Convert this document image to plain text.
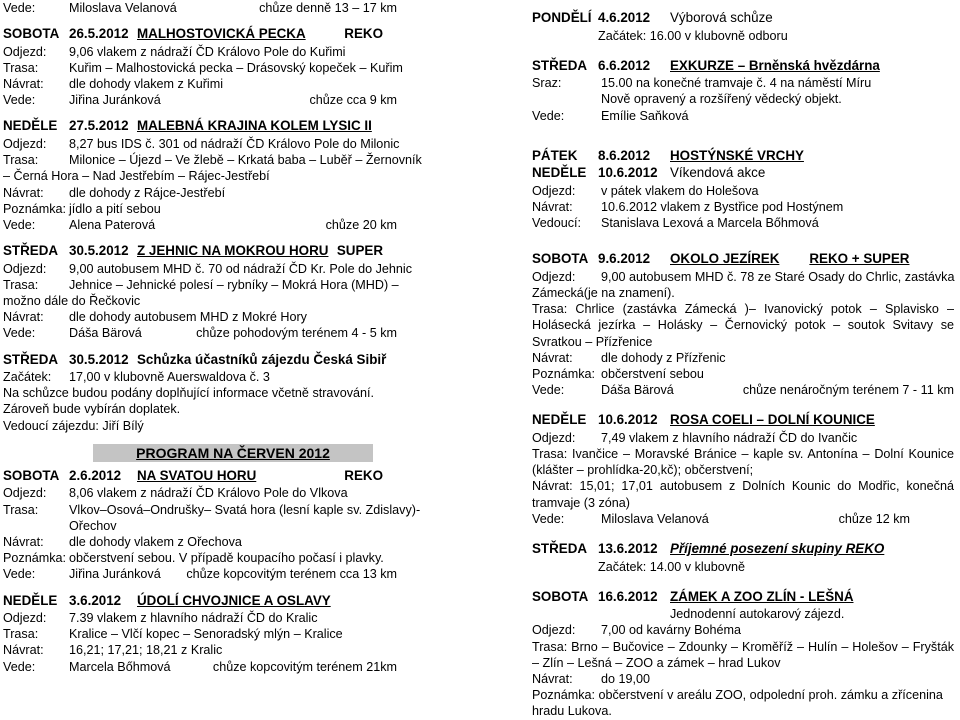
Vede:	Miloslava Velanová	chůze denně 13 – 17 km
SOBOTA 26.5.2012 MALHOSTOVICKÁ PECKA	REKO
Odjezd:	9,06 vlakem z nádraží ČD Královo Pole do Kuřimi
Trasa:	Kuřim – Malhostovická pecka – Drásovský kopeček – Kuřim
Návrat:	dle dohody vlakem z Kuřimi
Vede:	Jiřina Juránková	chůze cca 9 km
NEDĚLE 27.5.2012 MALEBNÁ KRAJINA KOLEM LYSIC II
Odjezd:	8,27 bus IDS č. 301 od nádraží ČD Královo Pole do Milonic
Trasa:	Milonice – Újezd – Ve žlebě – Krkatá baba – Luběř – Žernovník
– Černá Hora – Nad Jestřebím – Rájec-Jestřebí
Návrat:	dle dohody z Rájce-Jestřebí
Poznámka: jídlo a pití sebou
Vede:	Alena Paterová	chůze 20 km
STŘEDA 30.5.2012 Z JEHNIC NA MOKROU HORU SUPER
Odjezd:	9,00 autobusem MHD č. 70 od nádraží ČD Kr. Pole do Jehnic
Trasa:	Jehnice – Jehnické polesí – rybníky – Mokrá Hora (MHD) –
možno dále do Řečkovic
Návrat:	dle dohody autobusem MHD z Mokré Hory
Vede:	Dáša Bärová	chůze pohodovým terénem 4 - 5 km
STŘEDA 30.5.2012 Schůzka účastníků zájezdu Česká Sibiř
Začátek:	17,00 v klubovně Auerswaldova č. 3
Na schůzce budou podány doplňující informace včetně stravování. Zároveň bude vybírán doplatek.
Vedoucí zájezdu: Jiří Bílý
PROGRAM NA ČERVEN 2012
SOBOTA 2.6.2012	NA SVATOU HORU	REKO
Odjezd:	8,06 vlakem z nádraží ČD Královo Pole do Vlkova
Trasa:	Vlkov–Osová–Ondrušky– Svatá hora (lesní kaple sv. Zdislavy)-
Ořechov
Návrat:	dle dohody vlakem z Ořechova
Poznámka: občerstvení sebou. V případě koupacího počasí i plavky.
Vede:	Jiřina Juránková chůze kopcovitým terénem cca 13 km
NEDĚLE 3.6.2012	ÚDOLÍ CHVOJNICE A OSLAVY
Odjezd:	7.39 vlakem z hlavního nádraží ČD do Kralic
Trasa:	Kralice – Vlčí kopec – Senoradský mlýn – Kralice
Návrat:	16,21; 17,21; 18,21 z Kralic
Vede:	Marcela Bőhmová	chůze kopcovitým terénem 21km
PONDĚLÍ 4.6.2012	Výborová schůze
Začátek: 16.00 v klubovně odboru
STŘEDA 6.6.2012	EXKURZE – Brněnská hvězdárna
Sraz:	15.00 na konečné tramvaje č. 4 na náměstí Míru
Nově opravený a rozšířený vědecký objekt.
Vede:	Emílie Saňková
PÁTEK	8.6.2012	HOSTÝNSKÉ VRCHY
NEDĚLE 10.6.2012 Víkendová akce
Odjezd:	v pátek vlakem do Holešova
Návrat:	10.6.2012 vlakem z Bystřice pod Hostýnem
Vedoucí:	Stanislava Lexová a Marcela Bőhmová
SOBOTA 9.6.2012	OKOLO JEZÍREK REKO + SUPER
Odjezd:	9,00 autobusem MHD č. 78 ze Staré Osady do Chrlic, zastávka
Zámecká(je na znamení).
Trasa: Chrlice (zastávka Zámecká )– Ivanovický potok – Splavisko – Holásecká jezírka – Holásky – Černovický potok – soutok Svitavy se Svratkou – Přízřenice
Návrat:	dle dohody z Přízřenic
Poznámka: občerstvení sebou
Vede:	Dáša Bärová	chůze nenáročným terénem 7 - 11 km
NEDĚLE 10.6.2012 ROSA COELI – DOLNÍ KOUNICE
Odjezd:	7,49 vlakem z hlavního nádraží ČD do Ivančic
Trasa: Ivančice – Moravské Bránice – kaple sv. Antonína – Dolní Kounice (klášter – prohlídka-20,kč); občerstvení;
Návrat: 15,01; 17,01 autobusem z Dolních Kounic do Modřic, konečná tramvaje (3 zóna)
Vede:	Miloslava Velanová	chůze 12 km
STŘEDA 13.6.2012 Příjemné posezení skupiny REKO
Začátek: 14.00 v klubovně
SOBOTA 16.6.2012 ZÁMEK A ZOO ZLÍN - LEŠNÁ
Jednodenní autokarový zájezd.
Odjezd:	7,00 od kavárny Bohéma
Trasa: Brno – Bučovice – Zdounky – Kroměříž – Hulín – Holešov – Fryšták – Zlín – Lešná – ZOO a zámek – hrad Lukov
Návrat:	do 19,00
Poznámka: občerstvení v areálu ZOO, odpolední proh. zámku a zřícenina hradu Lukova.
